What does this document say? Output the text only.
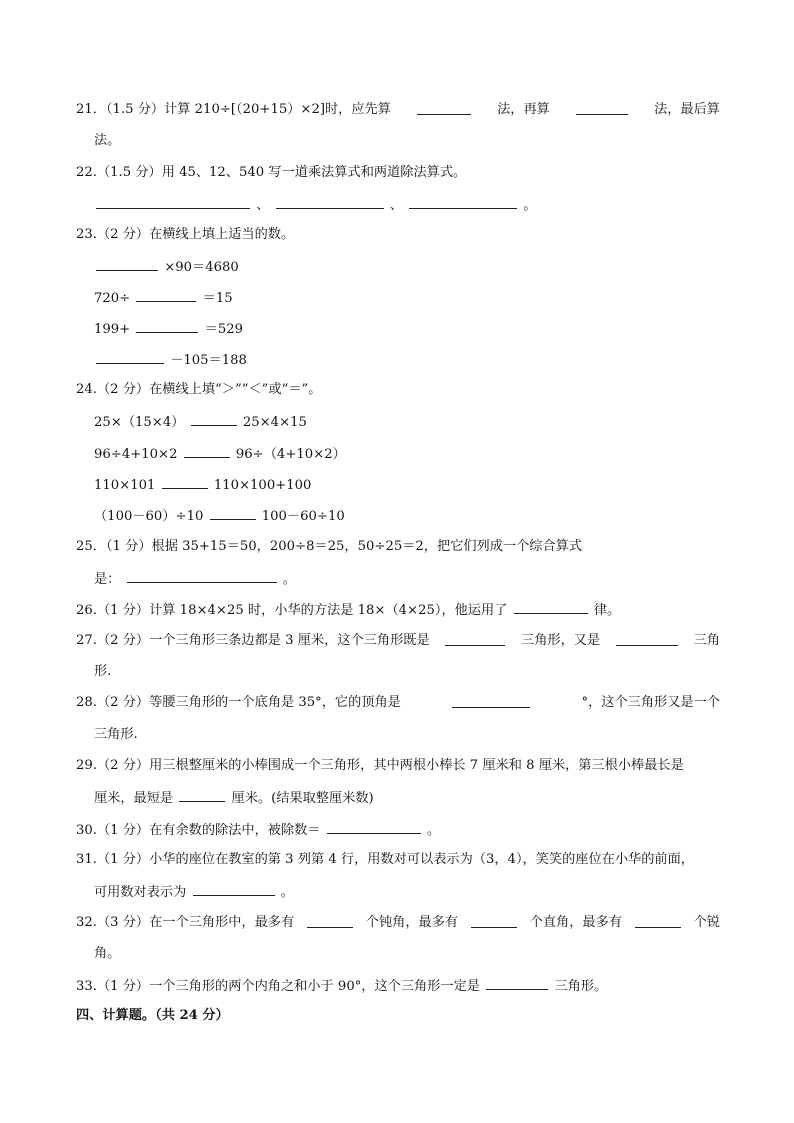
21．（1.5 分）计算 210÷[（20+15）×2]时，应先算	法，再算	法，最后算
法。
22.（1.5 分）用 45、12、540 写一道乘法算式和两道除法算式。
、	、	。
23.（2 分）在横线上填上适当的数。
×90＝4680
720÷	＝15
199+	＝529
－105＝188
24.（2 分）在横线上填“＞”“＜”或“＝”。
25×（15×4）	25×4×15
96÷4+10×2	96÷（4+10×2）
110×101	110×100+100
（100－60）÷10	100－60÷10
25．（1 分）根据 35+15＝50，200÷8＝25，50÷25＝2，把它们列成一个综合算式
是：	。
26.（1 分）计算 18×4×25 时，小华的方法是 18×（4×25），他运用了	律。
27.（2 分）一个三角形三条边都是 3 厘米，这个三角形既是	三角形，又是	三角
形.
28.（2 分）等腰三角形的一个底角是 35°，它的顶角是	°，这个三角形又是一个
三角形.
29.（2 分）用三根整厘米的小棒围成一个三角形，其中两根小棒长 7 厘米和 8 厘米，第三根小棒最长是
厘米，最短是	厘米。(结果取整厘米数)
30.（1 分）在有余数的除法中，被除数＝	。
31.（1 分）小华的座位在教室的第 3 列第 4 行，用数对可以表示为（3，4），笑笑的座位在小华的前面，
可用数对表示为	。
32.（3 分）在一个三角形中，最多有	个钝角，最多有	个直角，最多有	个锐
角。
33.（1 分）一个三角形的两个内角之和小于 90°，这个三角形一定是	三角形。
四、计算题。（共 24 分）
